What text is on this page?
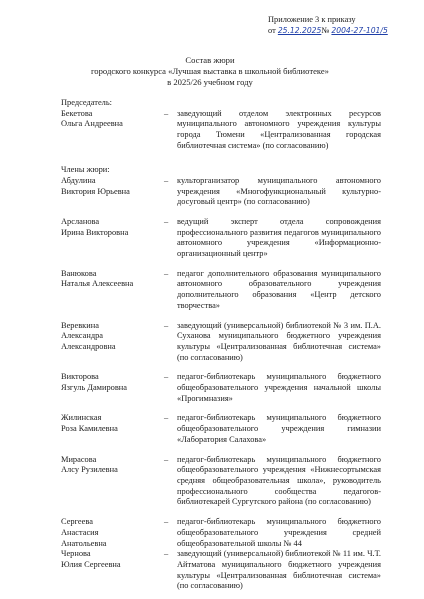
Приложение 3 к приказу
от 25.12.2025№ 2004-27-101/5
Состав жюри
городского конкурса «Лучшая выставка в школьной библиотеке»
в 2025/26 учебном году
Председатель:
Бекетова
Ольга Андреевна
–	заведующий отделом электронных ресурсов муниципального автономного учреждения культуры города Тюмени «Централизованная городская библиотечная система» (по согласованию)
Члены жюри:
Абдулина
Виктория Юрьевна
–	культорганизатор муниципального автономного учреждения «Многофункциональный культурно-досуговый центр» (по согласованию)
Арсланова
Ирина Викторовна
–	ведущий эксперт отдела сопровождения профессионального развития педагогов муниципального автономного учреждения «Информационно-организационный центр»
Ванюкова
Наталья Алексеевна
–	педагог дополнительного образования муниципального автономного образовательного учреждения дополнительного образования «Центр детского творчества»
Веревкина
Александра
Александровна
–	заведующий (универсальной) библиотекой № 3 им. П.А. Суханова муниципального бюджетного учреждения культуры «Централизованная библиотечная система» (по согласованию)
Викторова
Язгуль Дамировна
–	педагог-библиотекарь муниципального бюджетного общеобразовательного учреждения начальной школы «Прогимназия»
Жилинская
Роза Камилевна
–	педагог-библиотекарь муниципального бюджетного общеобразовательного учреждения гимназии «Лаборатория Салахова»
Мирасова
Алсу Рузилевна
–	педагог-библиотекарь муниципального бюджетного общеобразовательного учреждения «Нижнесортымская средняя общеобразовательная школа», руководитель профессионального сообщества педагогов-библиотекарей Сургутского района (по согласованию)
Сергеева
Анастасия
Анатольевна
–	педагог-библиотекарь муниципального бюджетного общеобразовательного учреждения средней общеобразовательной школы № 44
Чернова
Юлия Сергеевна
–	заведующий (универсальной) библиотекой № 11 им. Ч.Т. Айтматова муниципального бюджетного учреждения культуры «Централизованная библиотечная система» (по согласованию)
